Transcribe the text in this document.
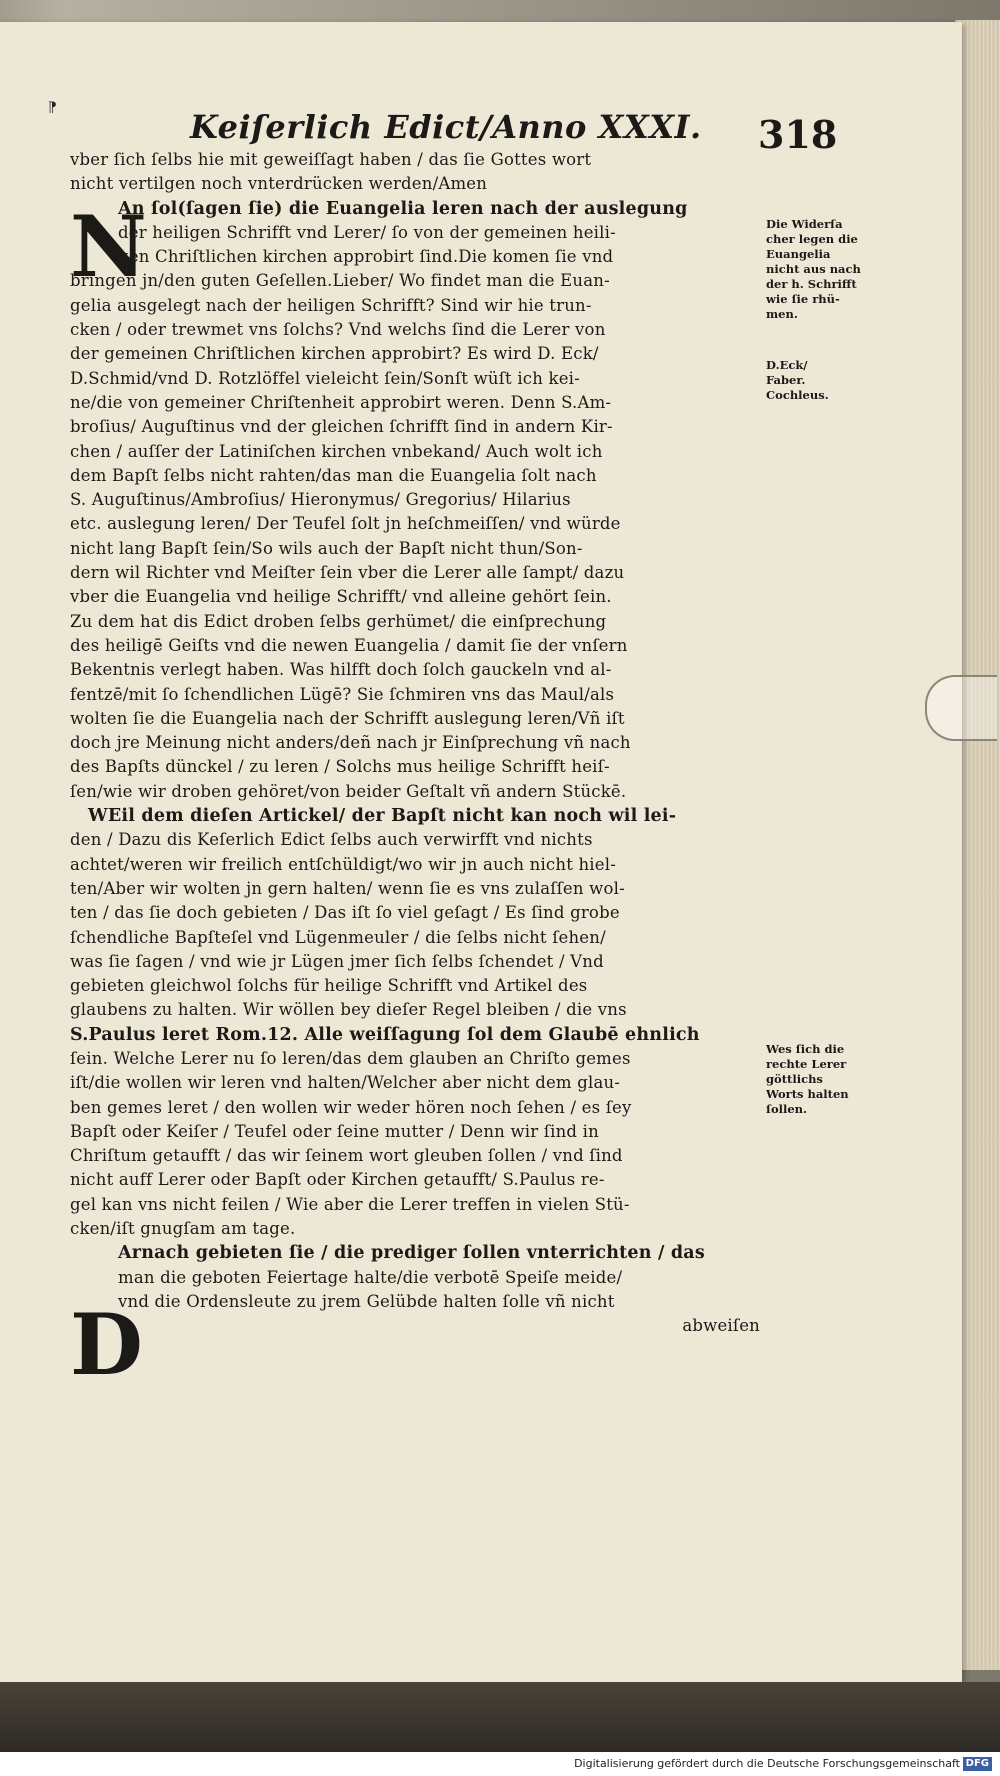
⁋	Keiſerlich Edict/Anno XXXI. 318
N
D
vber ſich ſelbs hie mit geweiſſagt haben / das ſie Gottes wort
nicht vertilgen noch vnterdrücken werden/Amen
An ſol(ſagen ſie) die Euangelia leren nach der auslegung
der heiligen Schrifft vnd Lerer/ ſo von der gemeinen heili-
gen Chriſtlichen kirchen approbirt ſind.Die komen ſie vnd
bringen jn/den guten Geſellen.Lieber/ Wo findet man die Euan-
gelia ausgelegt nach der heiligen Schrifft? Sind wir hie trun-
cken / oder trewmet vns ſolchs? Vnd welchs ſind die Lerer von
der gemeinen Chriſtlichen kirchen approbirt? Es wird D. Eck/
D.Schmid/vnd D. Rotzlöffel vieleicht ſein/Sonſt wüſt ich kei-
ne/die von gemeiner Chriſtenheit approbirt weren. Denn S.Am-
broſius/ Auguſtinus vnd der gleichen ſchrifft ſind in andern Kir-
chen / auſſer der Latiniſchen kirchen vnbekand/ Auch wolt ich
dem Bapſt ſelbs nicht rahten/das man die Euangelia ſolt nach
S. Auguſtinus/Ambroſius/ Hieronymus/ Gregorius/ Hilarius
etc. auslegung leren/ Der Teufel ſolt jn heſchmeiſſen/ vnd würde
nicht lang Bapſt ſein/So wils auch der Bapſt nicht thun/Son-
dern wil Richter vnd Meiſter ſein vber die Lerer alle ſampt/ dazu
vber die Euangelia vnd heilige Schrifft/ vnd alleine gehört ſein.
Zu dem hat dis Edict droben ſelbs gerhümet/ die einſprechung
des heiligē Geiſts vnd die newen Euangelia / damit ſie der vnſern
Bekentnis verlegt haben. Was hilfft doch ſolch gauckeln vnd al-
fentzē/mit ſo ſchendlichen Lügē? Sie ſchmiren vns das Maul/als
wolten ſie die Euangelia nach der Schrifft auslegung leren/Vñ iſt
doch jre Meinung nicht anders/deñ nach jr Einſprechung vñ nach
des Bapſts dünckel / zu leren / Solchs mus heilige Schrifft heiſ-
ſen/wie wir droben gehöret/von beider Geſtalt vñ andern Stückē.
WEil dem dieſen Artickel/ der Bapſt nicht kan noch wil lei-
den / Dazu dis Keſerlich Edict ſelbs auch verwirfft vnd nichts
achtet/weren wir freilich entſchüldigt/wo wir jn auch nicht hiel-
ten/Aber wir wolten jn gern halten/ wenn ſie es vns zulaſſen wol-
ten / das ſie doch gebieten / Das iſt ſo viel geſagt / Es ſind grobe
ſchendliche Bapſteſel vnd Lügenmeuler / die ſelbs nicht ſehen/
was ſie ſagen / vnd wie jr Lügen jmer ſich ſelbs ſchendet / Vnd
gebieten gleichwol ſolchs für heilige Schrifft vnd Artikel des
glaubens zu halten. Wir wöllen bey dieſer Regel bleiben / die vns
S.Paulus leret Rom.12. Alle weiſſagung ſol dem Glaubē ehnlich
ſein. Welche Lerer nu ſo leren/das dem glauben an Chriſto gemes
iſt/die wollen wir leren vnd halten/Welcher aber nicht dem glau-
ben gemes leret / den wollen wir weder hören noch ſehen / es ſey
Bapſt oder Keiſer / Teufel oder ſeine mutter / Denn wir ſind in
Chriſtum getaufft / das wir ſeinem wort gleuben ſollen / vnd ſind
nicht auff Lerer oder Bapſt oder Kirchen getaufft/ S.Paulus re-
gel kan vns nicht feilen / Wie aber die Lerer treffen in vielen Stü-
cken/iſt gnugſam am tage.
Arnach gebieten ſie / die prediger ſollen vnterrichten / das
man die geboten Feiertage halte/die verbotē Speiſe meide/
vnd die Ordensleute zu jrem Gelübde halten ſolle vñ nicht
abweiſen
Die Widerſa
cher legen die
Euangelia
nicht aus nach
der h. Schrifft
wie ſie rhü-
men.
D.Eck/
Faber.
Cochleus.
Wes ſich die
rechte Lerer
göttlichs
Worts halten
ſollen.
Digitalisierung gefördert durch die Deutsche Forschungsgemeinschaft DFG
